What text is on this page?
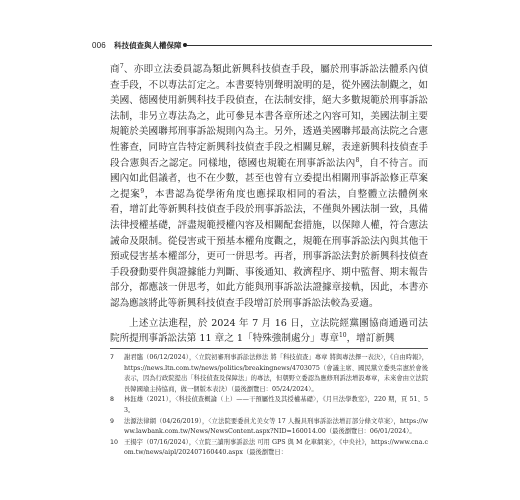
006 科技偵查與人權保障

商$^7$、亦即立法委員認為類此新興科技偵查手段，屬於刑事訴訟法體系內偵查手段，不以專法訂定之。本書要特別聲明說明的是，從外國法制觀之，如美國、德國使用新興科技手段偵查，在法制安排，絕大多數規範於刑事訴訟法制，非另立專法為之，此可參見本書各章所述之內容可知，美國法制主要規範於美國聯邦刑事訴訟規則內為主。另外，透過美國聯邦最高法院之合憲性審查，同時宣告特定新興科技偵查手段之相關見解，表達新興科技偵查手段合憲與否之認定。同樣地，德國也規範在刑事訴訟法內$^8$，自不待言。而國內如此倡議者，也不在少數，甚至也曾有立委提出相關刑事訴訟修正草案之提案$^9$，本書認為從學術角度也應採取相同的看法，自整體立法體例來看，增訂此等新興科技偵查手段於刑事訴訟法，不僅與外國法制一致，具備法律授權基礎，評盡規範授權內容及相關配套措施，以保障人權，符合憲法誡命及限制。從侵害或干預基本權角度觀之，規範在刑事訴訟法內與其他干預或侵害基本權部分，更可一併思考。再者，刑事訴訟法對於新興科技偵查手段發動要件與證據能力判斷、事後通知、救濟程序、期中監督、期末報告部分，都應該一併思考，如此方能與刑事訴訟法證據章接軌，因此，本書亦認為應該將此等新興科技偵查手段增訂於刑事訴訟法較為妥適。

上述立法進程，於 2024 年 7 月 16 日，立法院經黨團協商通過司法院所提刑事訴訟法第 11 章之 1「特殊強制處分」專章$^{10}$，增訂新興

7	謝君臨（06/12/2024），〈立院初審刑事訴訟法修法 將「科技偵查」專章 將與專法擇一表決〉，《自由時報》，https://news.ltn.com.tw/news/politics/breakingnews/4703075（會議主席、國民黨立委吳宗憲於會後表示，因為行政院提出「科技偵查及保障法」的專法，但朝野立委認為應修刑訴法增設專章，未來會由立法院長韓國瑜主持協商，做一個版本表決）（最後瀏覽日：05/24/2024）。
8	林鈺雄（2021），〈科技偵查概論（上）——干預屬性及其授權基礎〉，《月旦法學教室》，220 期，頁 51、53。
9	法源法律網（04/26/2019），〈立法院要委員尤美女等 17 人擬具刑事訴訟法增訂部分條文草案〉，https://www.lawbank.com.tw/News/NewsContent.aspx?NID=160014.00（最後瀏覽日：06/01/2024）。
10 王揚宇（07/16/2024），〈立院三讀刑事訴訟法 可用 GPS 與 M 化車網案〉，《中央社》，https://www.cna.com.tw/news/aipl/202407160440.aspx（最後瀏覽日：
